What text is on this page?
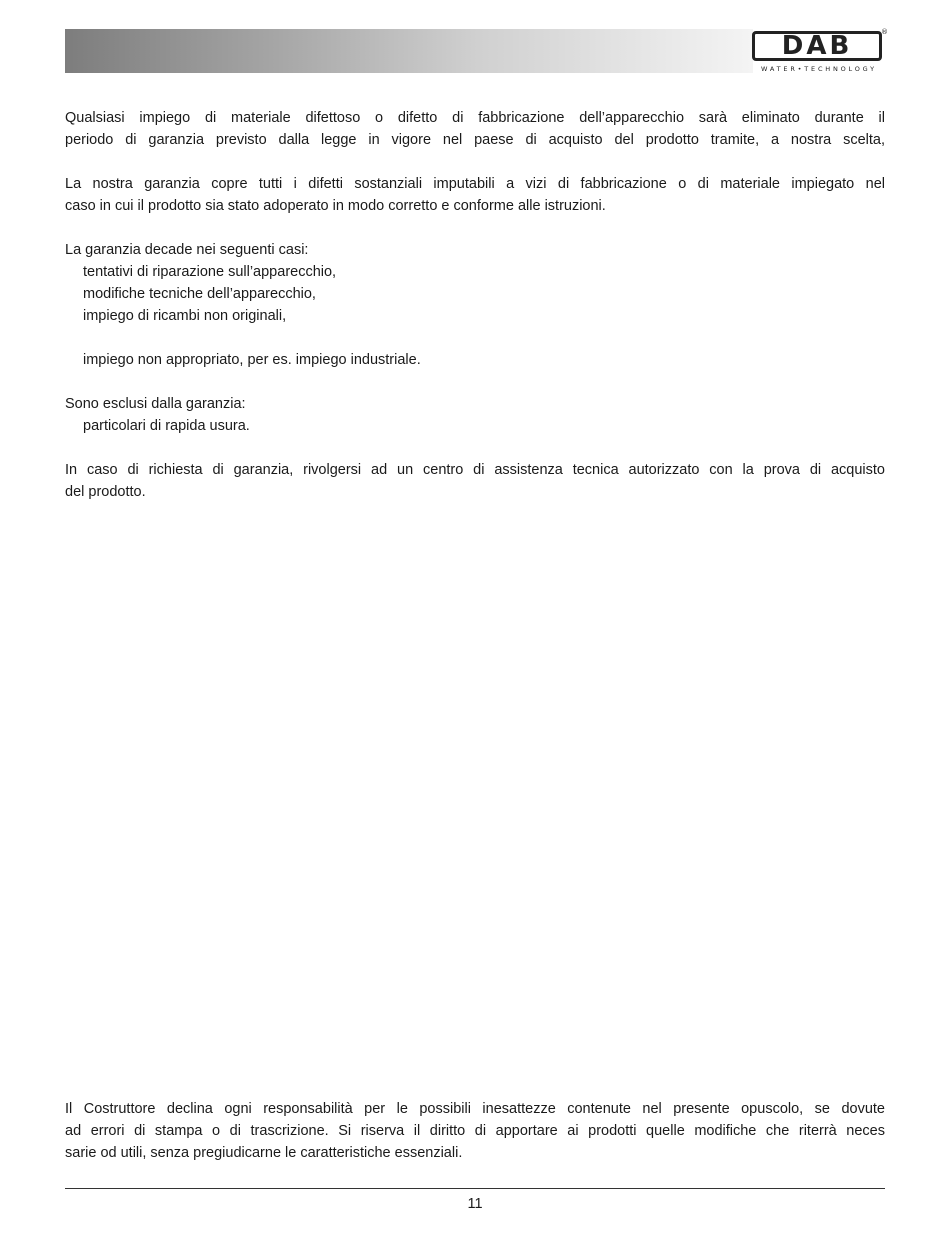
DAB	®
WATER•TECHNOLOGY
Qualsiasi impiego di materiale difettoso o difetto di fabbricazione dell’apparecchio sarà eliminato durante il
periodo di garanzia previsto dalla legge in vigore nel paese di acquisto del prodotto tramite, a nostra scelta,
La nostra garanzia copre tutti i difetti sostanziali imputabili a vizi di fabbricazione o di materiale impiegato nel
caso in cui il prodotto sia stato adoperato in modo corretto e conforme alle istruzioni.
La garanzia decade nei seguenti casi:
tentativi di riparazione sull’apparecchio,
modifiche tecniche dell’apparecchio,
impiego di ricambi non originali,
impiego non appropriato, per es. impiego industriale.
Sono esclusi dalla garanzia:
particolari di rapida usura.
In caso di richiesta di garanzia, rivolgersi ad un centro di assistenza tecnica autorizzato con la prova di acquisto
del prodotto.
Il Costruttore declina ogni responsabilità per le possibili inesattezze contenute nel presente opuscolo, se dovute
ad errori di stampa o di trascrizione. Si riserva il diritto di apportare ai prodotti quelle modifiche che riterrà neces
sarie od utili, senza pregiudicarne le caratteristiche essenziali.
11
